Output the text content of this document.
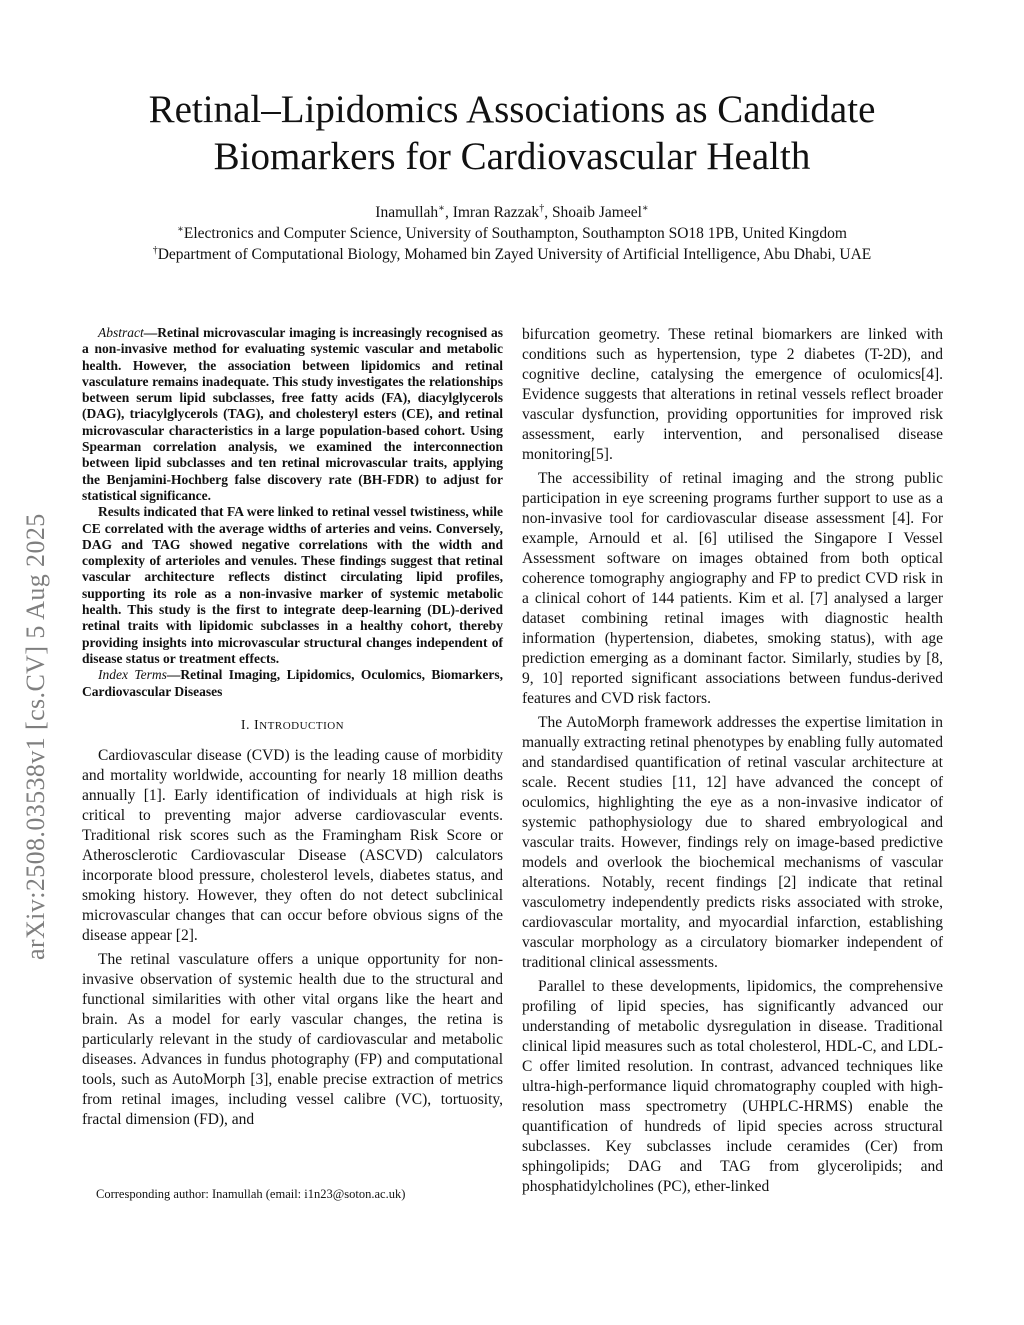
Retinal–Lipidomics Associations as Candidate
Biomarkers for Cardiovascular Health
Inamullah∗, Imran Razzak†, Shoaib Jameel∗
∗Electronics and Computer Science, University of Southampton, Southampton SO18 1PB, United Kingdom
†Department of Computational Biology, Mohamed bin Zayed University of Artificial Intelligence, Abu Dhabi, UAE
arXiv:2508.03538v1 [cs.CV] 5 Aug 2025

Abstract—Retinal microvascular imaging is increasingly recognised as a non-invasive method for evaluating systemic vascular and metabolic health. However, the association between lipidomics and retinal vasculature remains inadequate. This study investigates the relationships between serum lipid subclasses, free fatty acids (FA), diacylglycerols (DAG), triacylglycerols (TAG), and cholesteryl esters (CE), and retinal microvascular characteristics in a large population-based cohort. Using Spearman correlation analysis, we examined the interconnection between lipid subclasses and ten retinal microvascular traits, applying the Benjamini-Hochberg false discovery rate (BH-FDR) to adjust for statistical significance.

Results indicated that FA were linked to retinal vessel twistiness, while CE correlated with the average widths of arteries and veins. Conversely, DAG and TAG showed negative correlations with the width and complexity of arterioles and venules. These findings suggest that retinal vascular architecture reflects distinct circulating lipid profiles, supporting its role as a non-invasive marker of systemic metabolic health. This study is the first to integrate deep-learning (DL)-derived retinal traits with lipidomic subclasses in a healthy cohort, thereby providing insights into microvascular structural changes independent of disease status or treatment effects.

Index Terms—Retinal Imaging, Lipidomics, Oculomics, Biomarkers, Cardiovascular Diseases

I. INTRODUCTION

Cardiovascular disease (CVD) is the leading cause of morbidity and mortality worldwide, accounting for nearly 18 million deaths annually [1]. Early identification of individuals at high risk is critical to preventing major adverse cardiovascular events. Traditional risk scores such as the Framingham Risk Score or Atherosclerotic Cardiovascular Disease (ASCVD) calculators incorporate blood pressure, cholesterol levels, diabetes status, and smoking history. However, they often do not detect subclinical microvascular changes that can occur before obvious signs of the disease appear [2].

The retinal vasculature offers a unique opportunity for non-invasive observation of systemic health due to the structural and functional similarities with other vital organs like the heart and brain. As a model for early vascular changes, the retina is particularly relevant in the study of cardiovascular and metabolic diseases. Advances in fundus photography (FP) and computational tools, such as AutoMorph [3], enable precise extraction of metrics from retinal images, including vessel calibre (VC), tortuosity, fractal dimension (FD), and

Corresponding author: Inamullah (email: i1n23@soton.ac.uk)

bifurcation geometry. These retinal biomarkers are linked with conditions such as hypertension, type 2 diabetes (T-2D), and cognitive decline, catalysing the emergence of oculomics[4]. Evidence suggests that alterations in retinal vessels reflect broader vascular dysfunction, providing opportunities for improved risk assessment, early intervention, and personalised disease monitoring[5].

The accessibility of retinal imaging and the strong public participation in eye screening programs further support to use as a non-invasive tool for cardiovascular disease assessment [4]. For example, Arnould et al. [6] utilised the Singapore I Vessel Assessment software on images obtained from both optical coherence tomography angiography and FP to predict CVD risk in a clinical cohort of 144 patients. Kim et al. [7] analysed a larger dataset combining retinal images with diagnostic health information (hypertension, diabetes, smoking status), with age prediction emerging as a dominant factor. Similarly, studies by [8, 9, 10] reported significant associations between fundus-derived features and CVD risk factors.

The AutoMorph framework addresses the expertise limitation in manually extracting retinal phenotypes by enabling fully automated and standardised quantification of retinal vascular architecture at scale. Recent studies [11, 12] have advanced the concept of oculomics, highlighting the eye as a non-invasive indicator of systemic pathophysiology due to shared embryological and vascular traits. However, findings rely on image-based predictive models and overlook the biochemical mechanisms of vascular alterations. Notably, recent findings [2] indicate that retinal vasculometry independently predicts risks associated with stroke, cardiovascular mortality, and myocardial infarction, establishing vascular morphology as a circulatory biomarker independent of traditional clinical assessments.

Parallel to these developments, lipidomics, the comprehensive profiling of lipid species, has significantly advanced our understanding of metabolic dysregulation in disease. Traditional clinical lipid measures such as total cholesterol, HDL-C, and LDL-C offer limited resolution. In contrast, advanced techniques like ultra-high-performance liquid chromatography coupled with high-resolution mass spectrometry (UHPLC-HRMS) enable the quantification of hundreds of lipid species across structural subclasses. Key subclasses include ceramides (Cer) from sphingolipids; DAG and TAG from glycerolipids; and phosphatidylcholines (PC), ether-linked
